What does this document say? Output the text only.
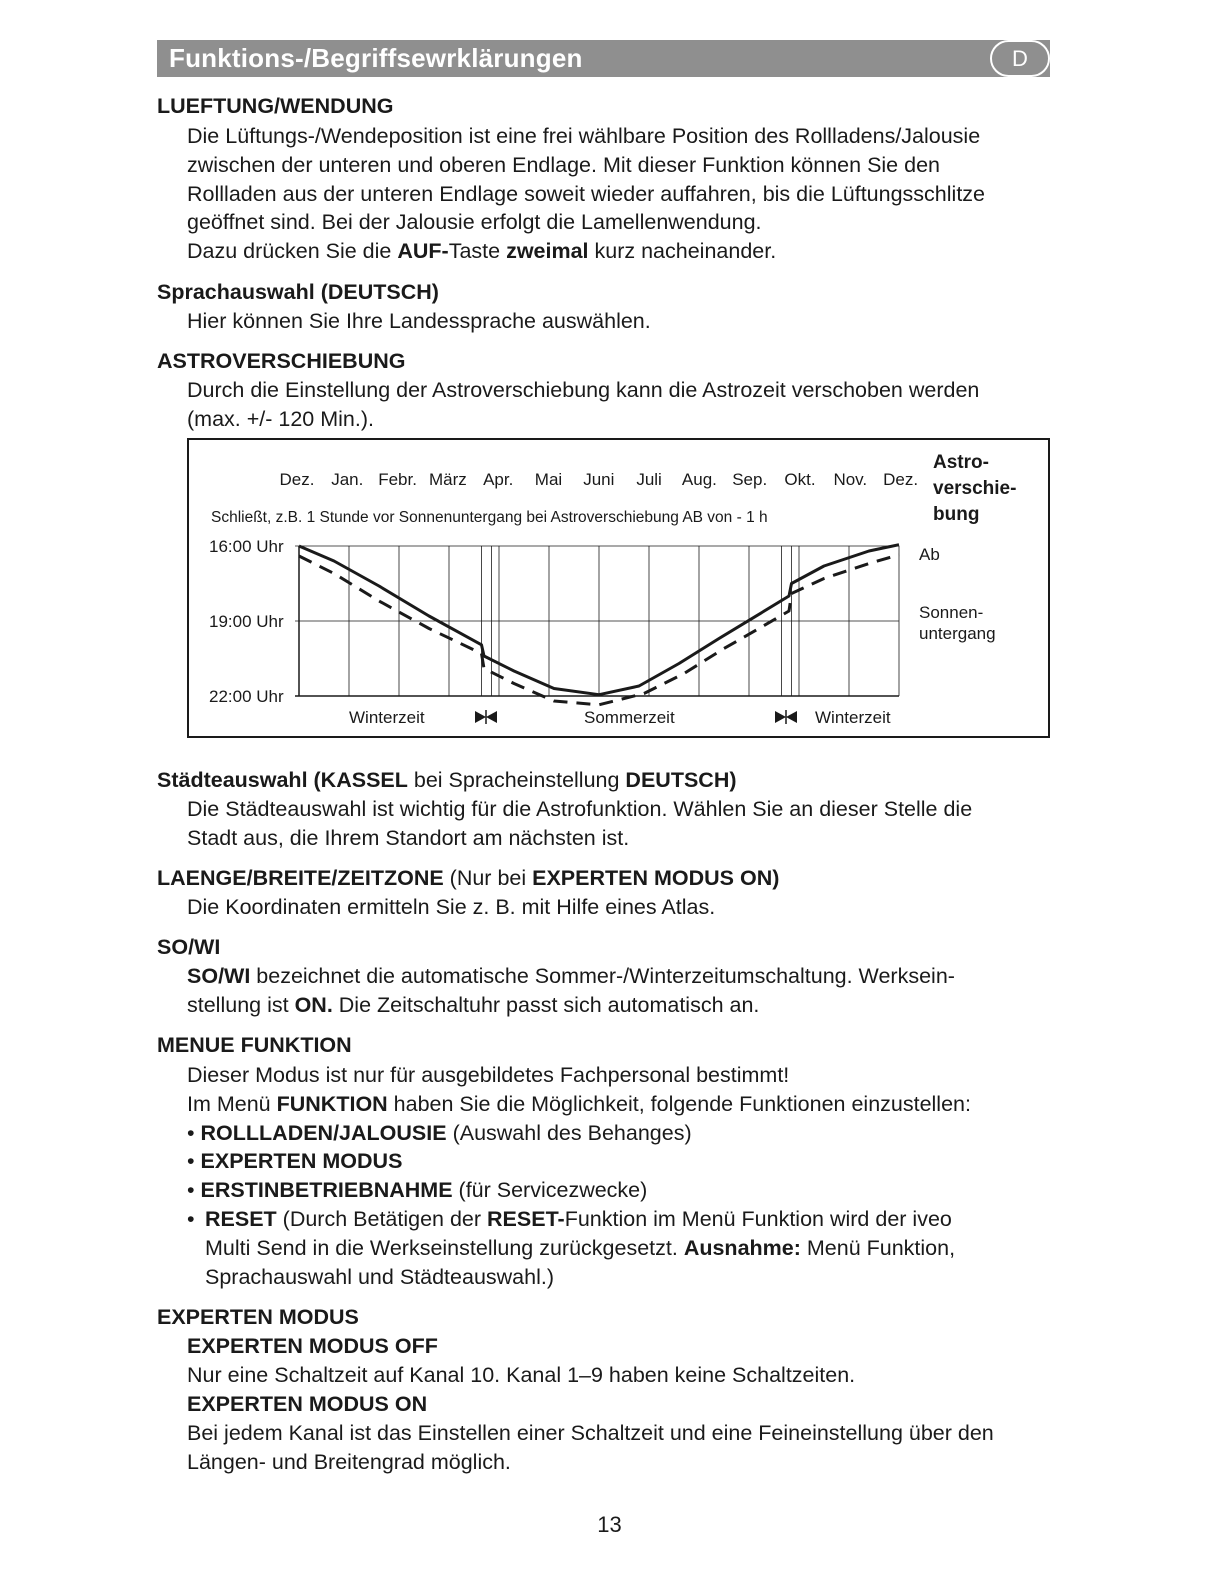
Funktions-/Begriffsewrklärungen	D
LUEFTUNG/WENDUNG
Die Lüftungs-/Wendeposition ist eine frei wählbare Position des Rollladens/Jalousie
zwischen der unteren und oberen Endlage. Mit dieser Funktion können Sie den
Rollladen aus der unteren Endlage soweit wieder auffahren, bis die Lüftungsschlitze
geöffnet sind. Bei der Jalousie erfolgt die Lamellenwendung.
Dazu drücken Sie die AUF-Taste zweimal kurz nacheinander.
Sprachauswahl (DEUTSCH)
Hier können Sie Ihre Landessprache auswählen.
ASTROVERSCHIEBUNG
Durch die Einstellung der Astroverschiebung kann die Astrozeit verschoben werden
(max. +/- 120 Min.).
16:00 Uhr
19:00 Uhr
22:00 Uhr
Dez. Jan. Febr. März Apr. Mai Juni Juli Aug. Sep. Okt. Nov. Dez.
Schließt, z.B. 1 Stunde vor Sonnenuntergang bei Astroverschiebung AB von - 1 h
Astro-
verschie-
bung
Ab
Sonnen-
untergang
Winterzeit	Sommerzeit	Winterzeit
Städteauswahl (KASSEL bei Spracheinstellung DEUTSCH)
Die Städteauswahl ist wichtig für die Astrofunktion. Wählen Sie an dieser Stelle die
Stadt aus, die Ihrem Standort am nächsten ist.
LAENGE/BREITE/ZEITZONE (Nur bei EXPERTEN MODUS ON)
Die Koordinaten ermitteln Sie z. B. mit Hilfe eines Atlas.
SO/WI
SO/WI bezeichnet die automatische Sommer-/Winterzeitumschaltung. Werksein-
stellung ist ON. Die Zeitschaltuhr passt sich automatisch an.
MENUE FUNKTION
Dieser Modus ist nur für ausgebildetes Fachpersonal bestimmt!
Im Menü FUNKTION haben Sie die Möglichkeit, folgende Funktionen einzustellen:
• ROLLLADEN/JALOUSIE (Auswahl des Behanges)
• EXPERTEN MODUS
• ERSTINBETRIEBNAHME (für Servicezwecke)
• RESET (Durch Betätigen der RESET-Funktion im Menü Funktion wird der iveo
Multi Send in die Werkseinstellung zurückgesetzt. Ausnahme: Menü Funktion,
Sprachauswahl und Städteauswahl.)
EXPERTEN MODUS
EXPERTEN MODUS OFF
Nur eine Schaltzeit auf Kanal 10. Kanal 1–9 haben keine Schaltzeiten.
EXPERTEN MODUS ON
Bei jedem Kanal ist das Einstellen einer Schaltzeit und eine Feineinstellung über den
Längen- und Breitengrad möglich.
13
